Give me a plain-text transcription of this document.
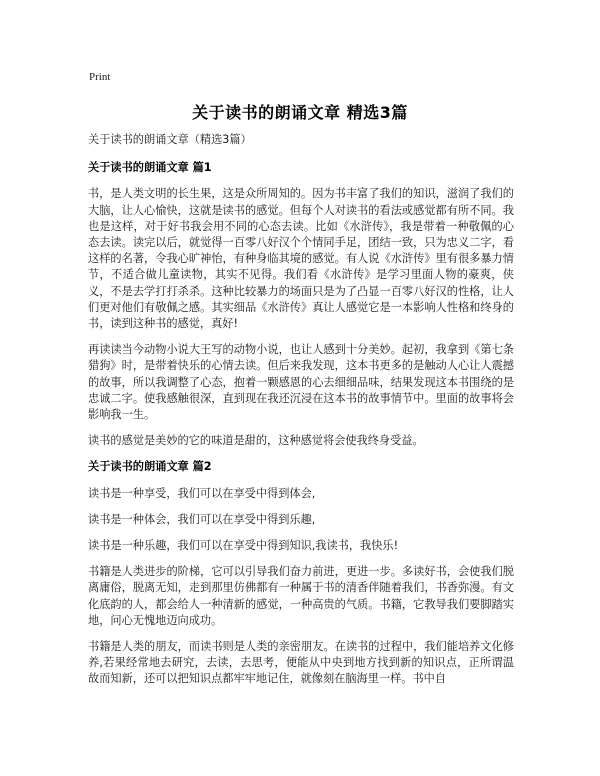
Print
关于读书的朗诵文章 精选3篇
关于读书的朗诵文章（精选3篇）
关于读书的朗诵文章 篇1
书，是人类文明的长生果，这是众所周知的。因为书丰富了我们的知识，滋润了我们的大脑，让人心愉快，这就是读书的感觉。但每个人对读书的看法或感觉都有所不同。我也是这样，对于好书我会用不同的心态去读。比如《水浒传》，我是带着一种敬佩的心态去读。读完以后，就觉得一百零八好汉个个情同手足，团结一致，只为忠义二字，看这样的名著，令我心旷神怡，有种身临其境的感觉。有人说《水浒传》里有很多暴力情节，不适合做儿童读物，其实不见得。我们看《水浒传》是学习里面人物的豪爽，侠义，不是去学打打杀杀。这种比较暴力的场面只是为了凸显一百零八好汉的性格，让人们更对他们有敬佩之感。其实细品《水浒传》真让人感觉它是一本影响人性格和终身的书，读到这种书的感觉，真好!
再读读当今动物小说大王写的动物小说，也让人感到十分美妙。起初，我拿到《第七条猎狗》时，是带着快乐的心情去读。但后来我发现，这本书更多的是触动人心让人震撼的故事，所以我调整了心态，抱着一颗感恩的心去细细品味，结果发现这本书围绕的是忠诚二字。使我感触很深，直到现在我还沉浸在这本书的故事情节中。里面的故事将会影响我一生。
读书的感觉是美妙的它的味道是甜的，这种感觉将会使我终身受益。
关于读书的朗诵文章 篇2
读书是一种享受，我们可以在享受中得到体会,
读书是一种体会，我们可以在享受中得到乐趣,
读书是一种乐趣，我们可以在享受中得到知识,我读书，我快乐!
书籍是人类进步的阶梯，它可以引导我们奋力前进，更进一步。多读好书，会使我们脱离庸俗，脱离无知，走到那里仿佛都有一种属于书的清香伴随着我们，书香弥漫。有文化底韵的人，都会给人一种清新的感觉，一种高贵的气质。书籍，它教导我们要脚踏实地，问心无愧地迈向成功。
书籍是人类的朋友，而读书则是人类的亲密朋友。在读书的过程中，我们能培养文化修养,若果经常地去研究，去读，去思考，便能从中央到地方找到新的知识点，正所谓温故而知新，还可以把知识点都牢牢地记住，就像刻在脑海里一样。书中自
